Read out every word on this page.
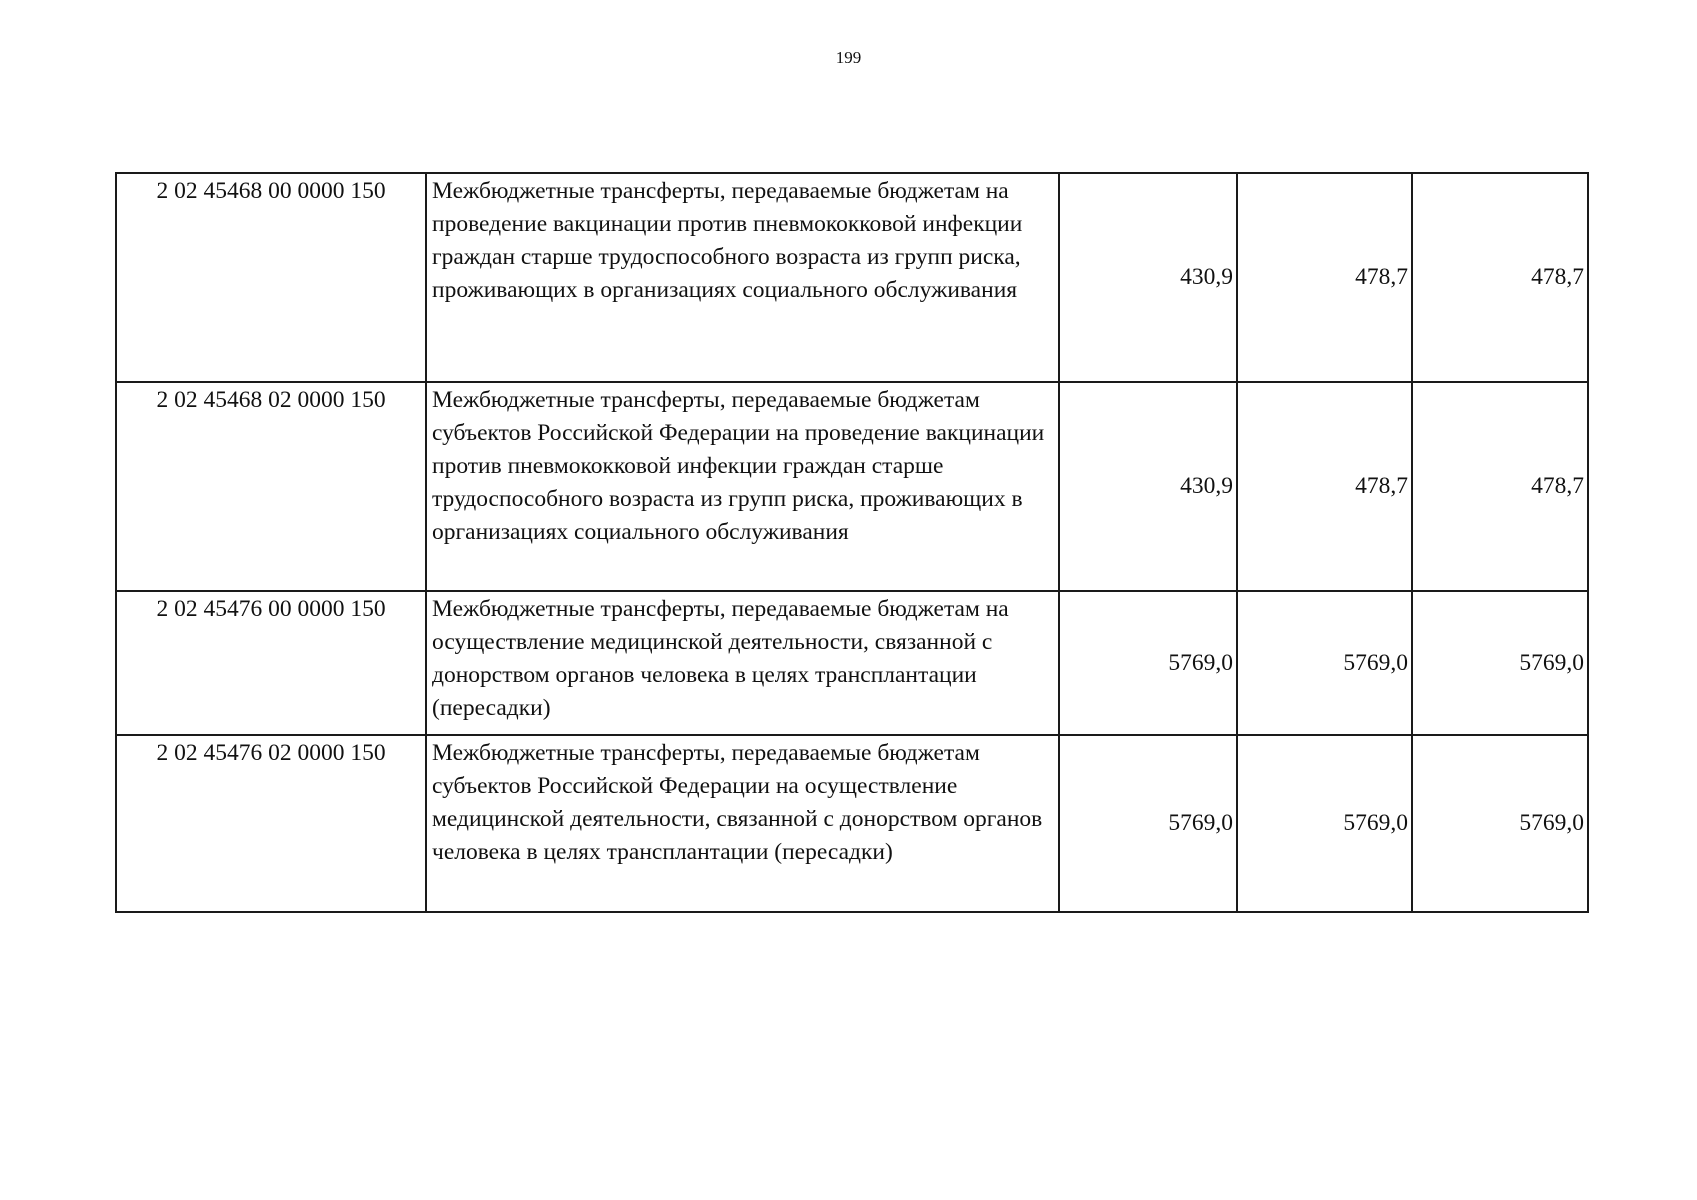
199
2 02 45468 00 0000 150	Межбюджетные трансферты, передаваемые бюджетам на проведение вакцинации против пневмококковой инфекции граждан старше трудоспособного возраста из групп риска, проживающих в организациях социального обслуживания	430,9	478,7	478,7
2 02 45468 02 0000 150	Межбюджетные трансферты, передаваемые бюджетам субъектов Российской Федерации на проведение вакцинации против пневмококковой инфекции граждан старше трудоспособного возраста из групп риска, проживающих в организациях социального обслуживания	430,9	478,7	478,7
2 02 45476 00 0000 150	Межбюджетные трансферты, передаваемые бюджетам на осуществление медицинской деятельности, связанной с донорством органов человека в целях трансплантации (пересадки)	5769,0	5769,0	5769,0
2 02 45476 02 0000 150	Межбюджетные трансферты, передаваемые бюджетам субъектов Российской Федерации на осуществление медицинской деятельности, связанной с донорством органов человека в целях трансплантации (пересадки)	5769,0	5769,0	5769,0
